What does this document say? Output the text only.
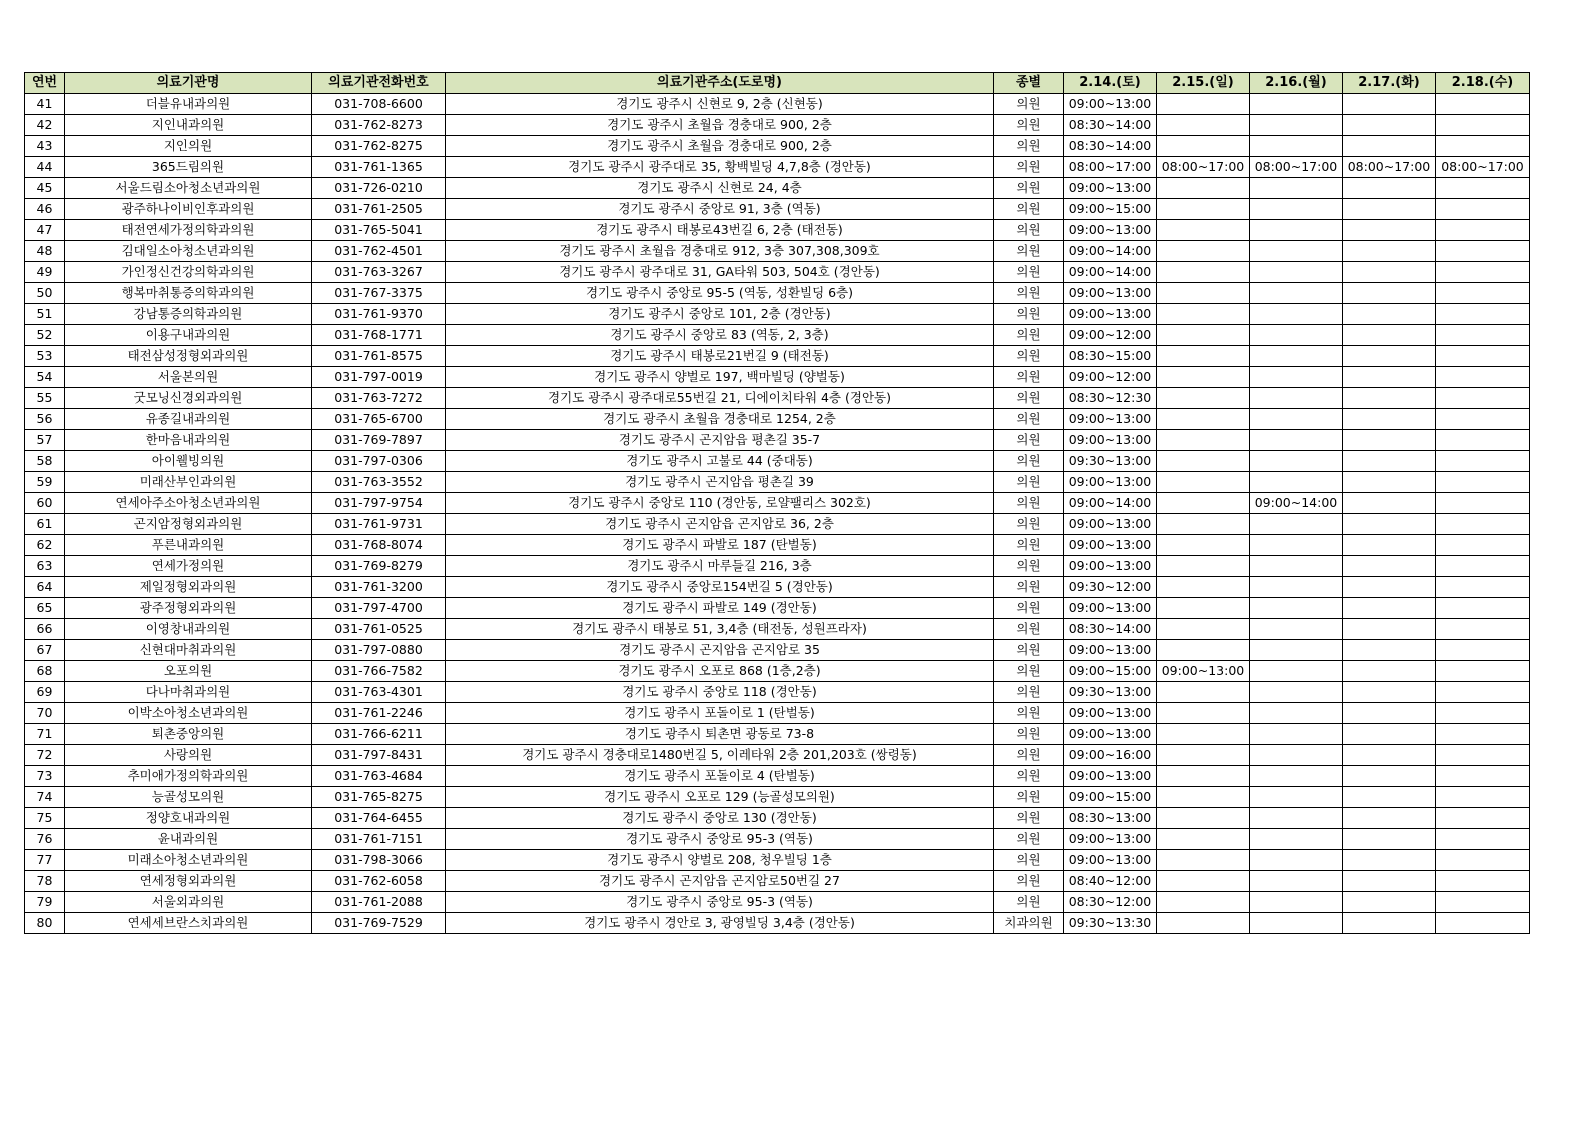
연번	의료기관명	의료기관전화번호	의료기관주소(도로명)	종별	2.14.(토)	2.15.(일)	2.16.(월)	2.17.(화)	2.18.(수)
41	더블유내과의원	031-708-6600	경기도 광주시 신현로 9, 2층 (신현동)	의원	09:00~13:00				
42	지인내과의원	031-762-8273	경기도 광주시 초월읍 경충대로 900, 2층	의원	08:30~14:00				
43	지인의원	031-762-8275	경기도 광주시 초월읍 경충대로 900, 2층	의원	08:30~14:00				
44	365드림의원	031-761-1365	경기도 광주시 광주대로 35, 황백빌딩 4,7,8층 (경안동)	의원	08:00~17:00	08:00~17:00	08:00~17:00	08:00~17:00	08:00~17:00
45	서울드림소아청소년과의원	031-726-0210	경기도 광주시 신현로 24, 4층	의원	09:00~13:00				
46	광주하나이비인후과의원	031-761-2505	경기도 광주시 중앙로 91, 3층 (역동)	의원	09:00~15:00				
47	태전연세가정의학과의원	031-765-5041	경기도 광주시 태봉로43번길 6, 2층 (태전동)	의원	09:00~13:00				
48	김대일소아청소년과의원	031-762-4501	경기도 광주시 초월읍 경충대로 912, 3층 307,308,309호	의원	09:00~14:00				
49	가인정신건강의학과의원	031-763-3267	경기도 광주시 광주대로 31, GA타워 503, 504호 (경안동)	의원	09:00~14:00				
50	행복마취통증의학과의원	031-767-3375	경기도 광주시 중앙로 95-5 (역동, 성환빌딩 6층)	의원	09:00~13:00				
51	강남통증의학과의원	031-761-9370	경기도 광주시 중앙로 101, 2층 (경안동)	의원	09:00~13:00				
52	이용구내과의원	031-768-1771	경기도 광주시 중앙로 83 (역동, 2, 3층)	의원	09:00~12:00				
53	태전삼성정형외과의원	031-761-8575	경기도 광주시 태봉로21번길 9 (태전동)	의원	08:30~15:00				
54	서울본의원	031-797-0019	경기도 광주시 양벌로 197, 백마빌딩 (양벌동)	의원	09:00~12:00				
55	굿모닝신경외과의원	031-763-7272	경기도 광주시 광주대로55번길 21, 디에이치타워 4층 (경안동)	의원	08:30~12:30				
56	유종길내과의원	031-765-6700	경기도 광주시 초월읍 경충대로 1254, 2층	의원	09:00~13:00				
57	한마음내과의원	031-769-7897	경기도 광주시 곤지암읍 평촌길 35-7	의원	09:00~13:00				
58	아이웰빙의원	031-797-0306	경기도 광주시 고불로 44 (중대동)	의원	09:30~13:00				
59	미래산부인과의원	031-763-3552	경기도 광주시 곤지암읍 평촌길 39	의원	09:00~13:00				
60	연세아주소아청소년과의원	031-797-9754	경기도 광주시 중앙로 110 (경안동, 로얄팰리스 302호)	의원	09:00~14:00		09:00~14:00		
61	곤지암정형외과의원	031-761-9731	경기도 광주시 곤지암읍 곤지암로 36, 2층	의원	09:00~13:00				
62	푸른내과의원	031-768-8074	경기도 광주시 파발로 187 (탄벌동)	의원	09:00~13:00				
63	연세가정의원	031-769-8279	경기도 광주시 마루들길 216, 3층	의원	09:00~13:00				
64	제일정형외과의원	031-761-3200	경기도 광주시 중앙로154번길 5 (경안동)	의원	09:30~12:00				
65	광주정형외과의원	031-797-4700	경기도 광주시 파발로 149 (경안동)	의원	09:00~13:00				
66	이영창내과의원	031-761-0525	경기도 광주시 태봉로 51, 3,4층 (태전동, 성원프라자)	의원	08:30~14:00				
67	신현대마취과의원	031-797-0880	경기도 광주시 곤지암읍 곤지암로 35	의원	09:00~13:00				
68	오포의원	031-766-7582	경기도 광주시 오포로 868 (1층,2층)	의원	09:00~15:00	09:00~13:00			
69	다나마취과의원	031-763-4301	경기도 광주시 중앙로 118 (경안동)	의원	09:30~13:00				
70	이박소아청소년과의원	031-761-2246	경기도 광주시 포돌이로 1 (탄벌동)	의원	09:00~13:00				
71	퇴촌중앙의원	031-766-6211	경기도 광주시 퇴촌면 광동로 73-8	의원	09:00~13:00				
72	사랑의원	031-797-8431	경기도 광주시 경충대로1480번길 5, 이레타워 2층 201,203호 (쌍령동)	의원	09:00~16:00				
73	추미애가정의학과의원	031-763-4684	경기도 광주시 포돌이로 4 (탄벌동)	의원	09:00~13:00				
74	능골성모의원	031-765-8275	경기도 광주시 오포로 129 (능골성모의원)	의원	09:00~15:00				
75	정양호내과의원	031-764-6455	경기도 광주시 중앙로 130 (경안동)	의원	08:30~13:00				
76	윤내과의원	031-761-7151	경기도 광주시 중앙로 95-3 (역동)	의원	09:00~13:00				
77	미래소아청소년과의원	031-798-3066	경기도 광주시 양벌로 208, 청우빌딩 1층	의원	09:00~13:00				
78	연세정형외과의원	031-762-6058	경기도 광주시 곤지암읍 곤지암로50번길 27	의원	08:40~12:00				
79	서울외과의원	031-761-2088	경기도 광주시 중앙로 95-3 (역동)	의원	08:30~12:00				
80	연세세브란스치과의원	031-769-7529	경기도 광주시 경안로 3, 광영빌딩 3,4층 (경안동)	치과의원	09:30~13:30				
